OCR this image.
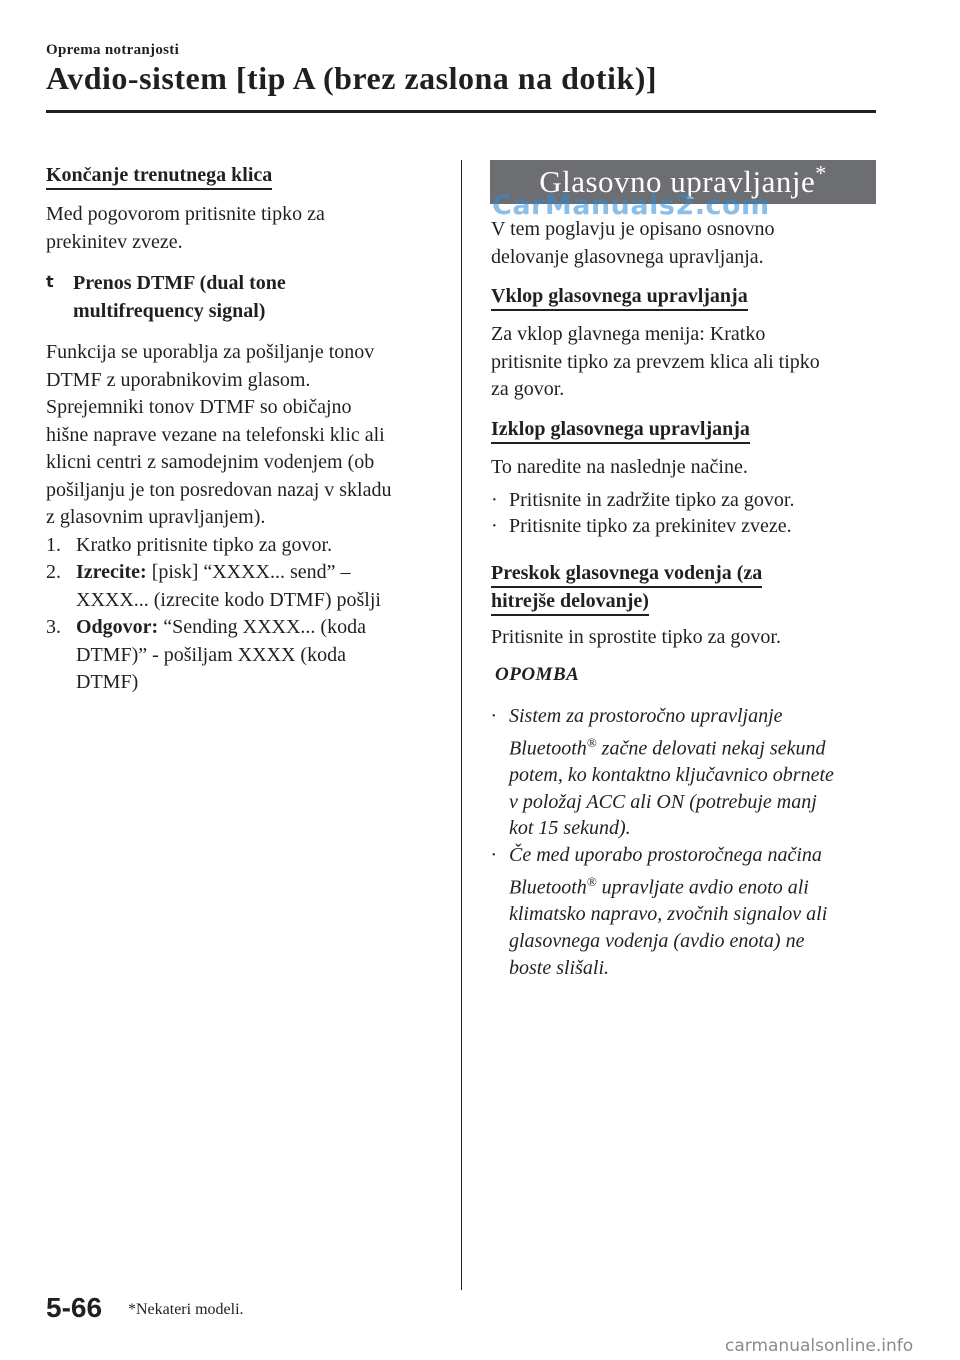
Oprema notranjosti
Avdio-sistem [tip A (brez zaslona na dotik)]
Končanje trenutnega klica
Med pogovorom pritisnite tipko za
prekinitev zveze.
t Prenos DTMF (dual tone
multifrequency signal)
Funkcija se uporablja za pošiljanje tonov
DTMF z uporabnikovim glasom.
Sprejemniki tonov DTMF so običajno
hišne naprave vezane na telefonski klic ali
klicni centri z samodejnim vodenjem (ob
pošiljanju je ton posredovan nazaj v skladu
z glasovnim upravljanjem).
1. Kratko pritisnite tipko za govor.
2. Izrecite: [pisk] “XXXX... send” –
XXXX... (izrecite kodo DTMF) pošlji
3. Odgovor: “Sending XXXX... (koda
DTMF)” - pošiljam XXXX (koda
DTMF)
Glasovno upravljanje*
CarManuals2.com
V tem poglavju je opisano osnovno
delovanje glasovnega upravljanja.
Vklop glasovnega upravljanja
Za vklop glavnega menija: Kratko
pritisnite tipko za prevzem klica ali tipko
za govor.
Izklop glasovnega upravljanja
To naredite na naslednje načine.
· Pritisnite in zadržite tipko za govor.
· Pritisnite tipko za prekinitev zveze.
Preskok glasovnega vodenja (za
hitrejše delovanje)
Pritisnite in sprostite tipko za govor.
OPOMBA
· Sistem za prostoročno upravljanje
Bluetooth® začne delovati nekaj sekund
potem, ko kontaktno ključavnico obrnete
v položaj ACC ali ON (potrebuje manj
kot 15 sekund).
· Če med uporabo prostoročnega načina
Bluetooth® upravljate avdio enoto ali
klimatsko napravo, zvočnih signalov ali
glasovnega vodenja (avdio enota) ne
boste slišali.
5-66 *Nekateri modeli.
carmanualsonline.info
